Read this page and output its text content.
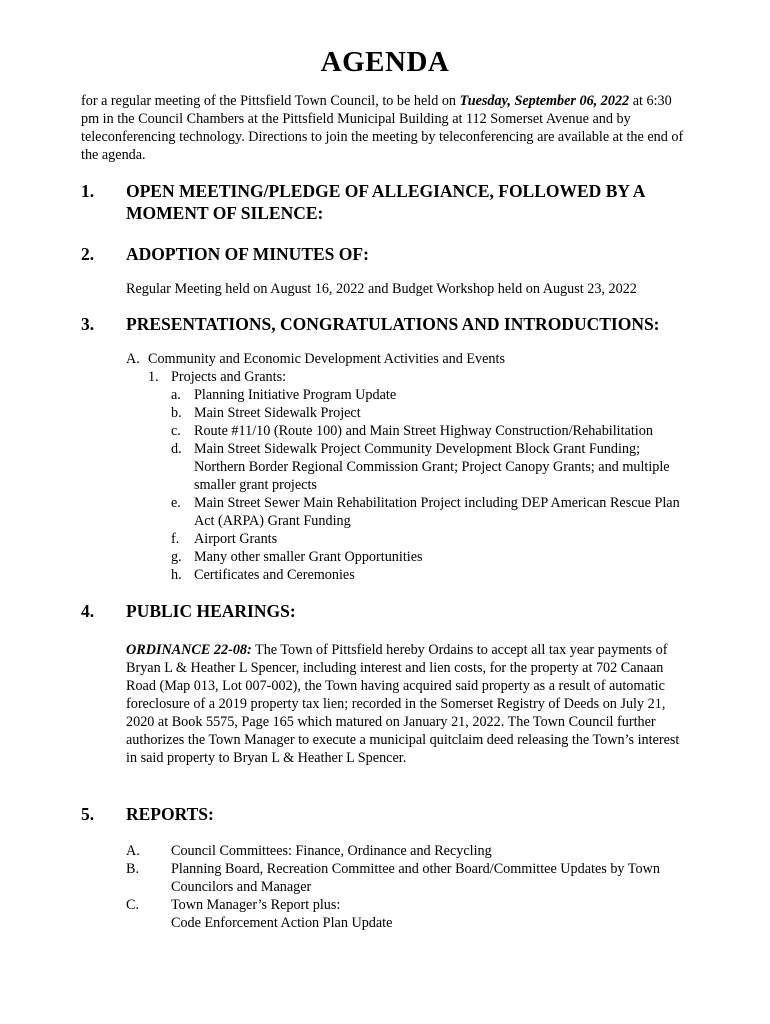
AGENDA
for a regular meeting of the Pittsfield Town Council, to be held on Tuesday, September 06, 2022 at 6:30 pm in the Council Chambers at the Pittsfield Municipal Building at 112 Somerset Avenue and by teleconferencing technology. Directions to join the meeting by teleconferencing are available at the end of the agenda.
1. OPEN MEETING/PLEDGE OF ALLEGIANCE, FOLLOWED BY A MOMENT OF SILENCE:
2. ADOPTION OF MINUTES OF:
Regular Meeting held on August 16, 2022 and Budget Workshop held on August 23, 2022
3. PRESENTATIONS, CONGRATULATIONS AND INTRODUCTIONS:
A. Community and Economic Development Activities and Events
1. Projects and Grants:
a. Planning Initiative Program Update
b. Main Street Sidewalk Project
c. Route #11/10 (Route 100) and Main Street Highway Construction/Rehabilitation
d. Main Street Sidewalk Project Community Development Block Grant Funding; Northern Border Regional Commission Grant; Project Canopy Grants; and multiple smaller grant projects
e. Main Street Sewer Main Rehabilitation Project including DEP American Rescue Plan Act (ARPA) Grant Funding
f. Airport Grants
g. Many other smaller Grant Opportunities
h. Certificates and Ceremonies
4. PUBLIC HEARINGS:
ORDINANCE 22-08: The Town of Pittsfield hereby Ordains to accept all tax year payments of Bryan L & Heather L Spencer, including interest and lien costs, for the property at 702 Canaan Road (Map 013, Lot 007-002), the Town having acquired said property as a result of automatic foreclosure of a 2019 property tax lien; recorded in the Somerset Registry of Deeds on July 21, 2020 at Book 5575, Page 165 which matured on January 21, 2022. The Town Council further authorizes the Town Manager to execute a municipal quitclaim deed releasing the Town’s interest in said property to Bryan L & Heather L Spencer.
5. REPORTS:
A. Council Committees: Finance, Ordinance and Recycling
B. Planning Board, Recreation Committee and other Board/Committee Updates by Town Councilors and Manager
C. Town Manager’s Report plus:
Code Enforcement Action Plan Update
